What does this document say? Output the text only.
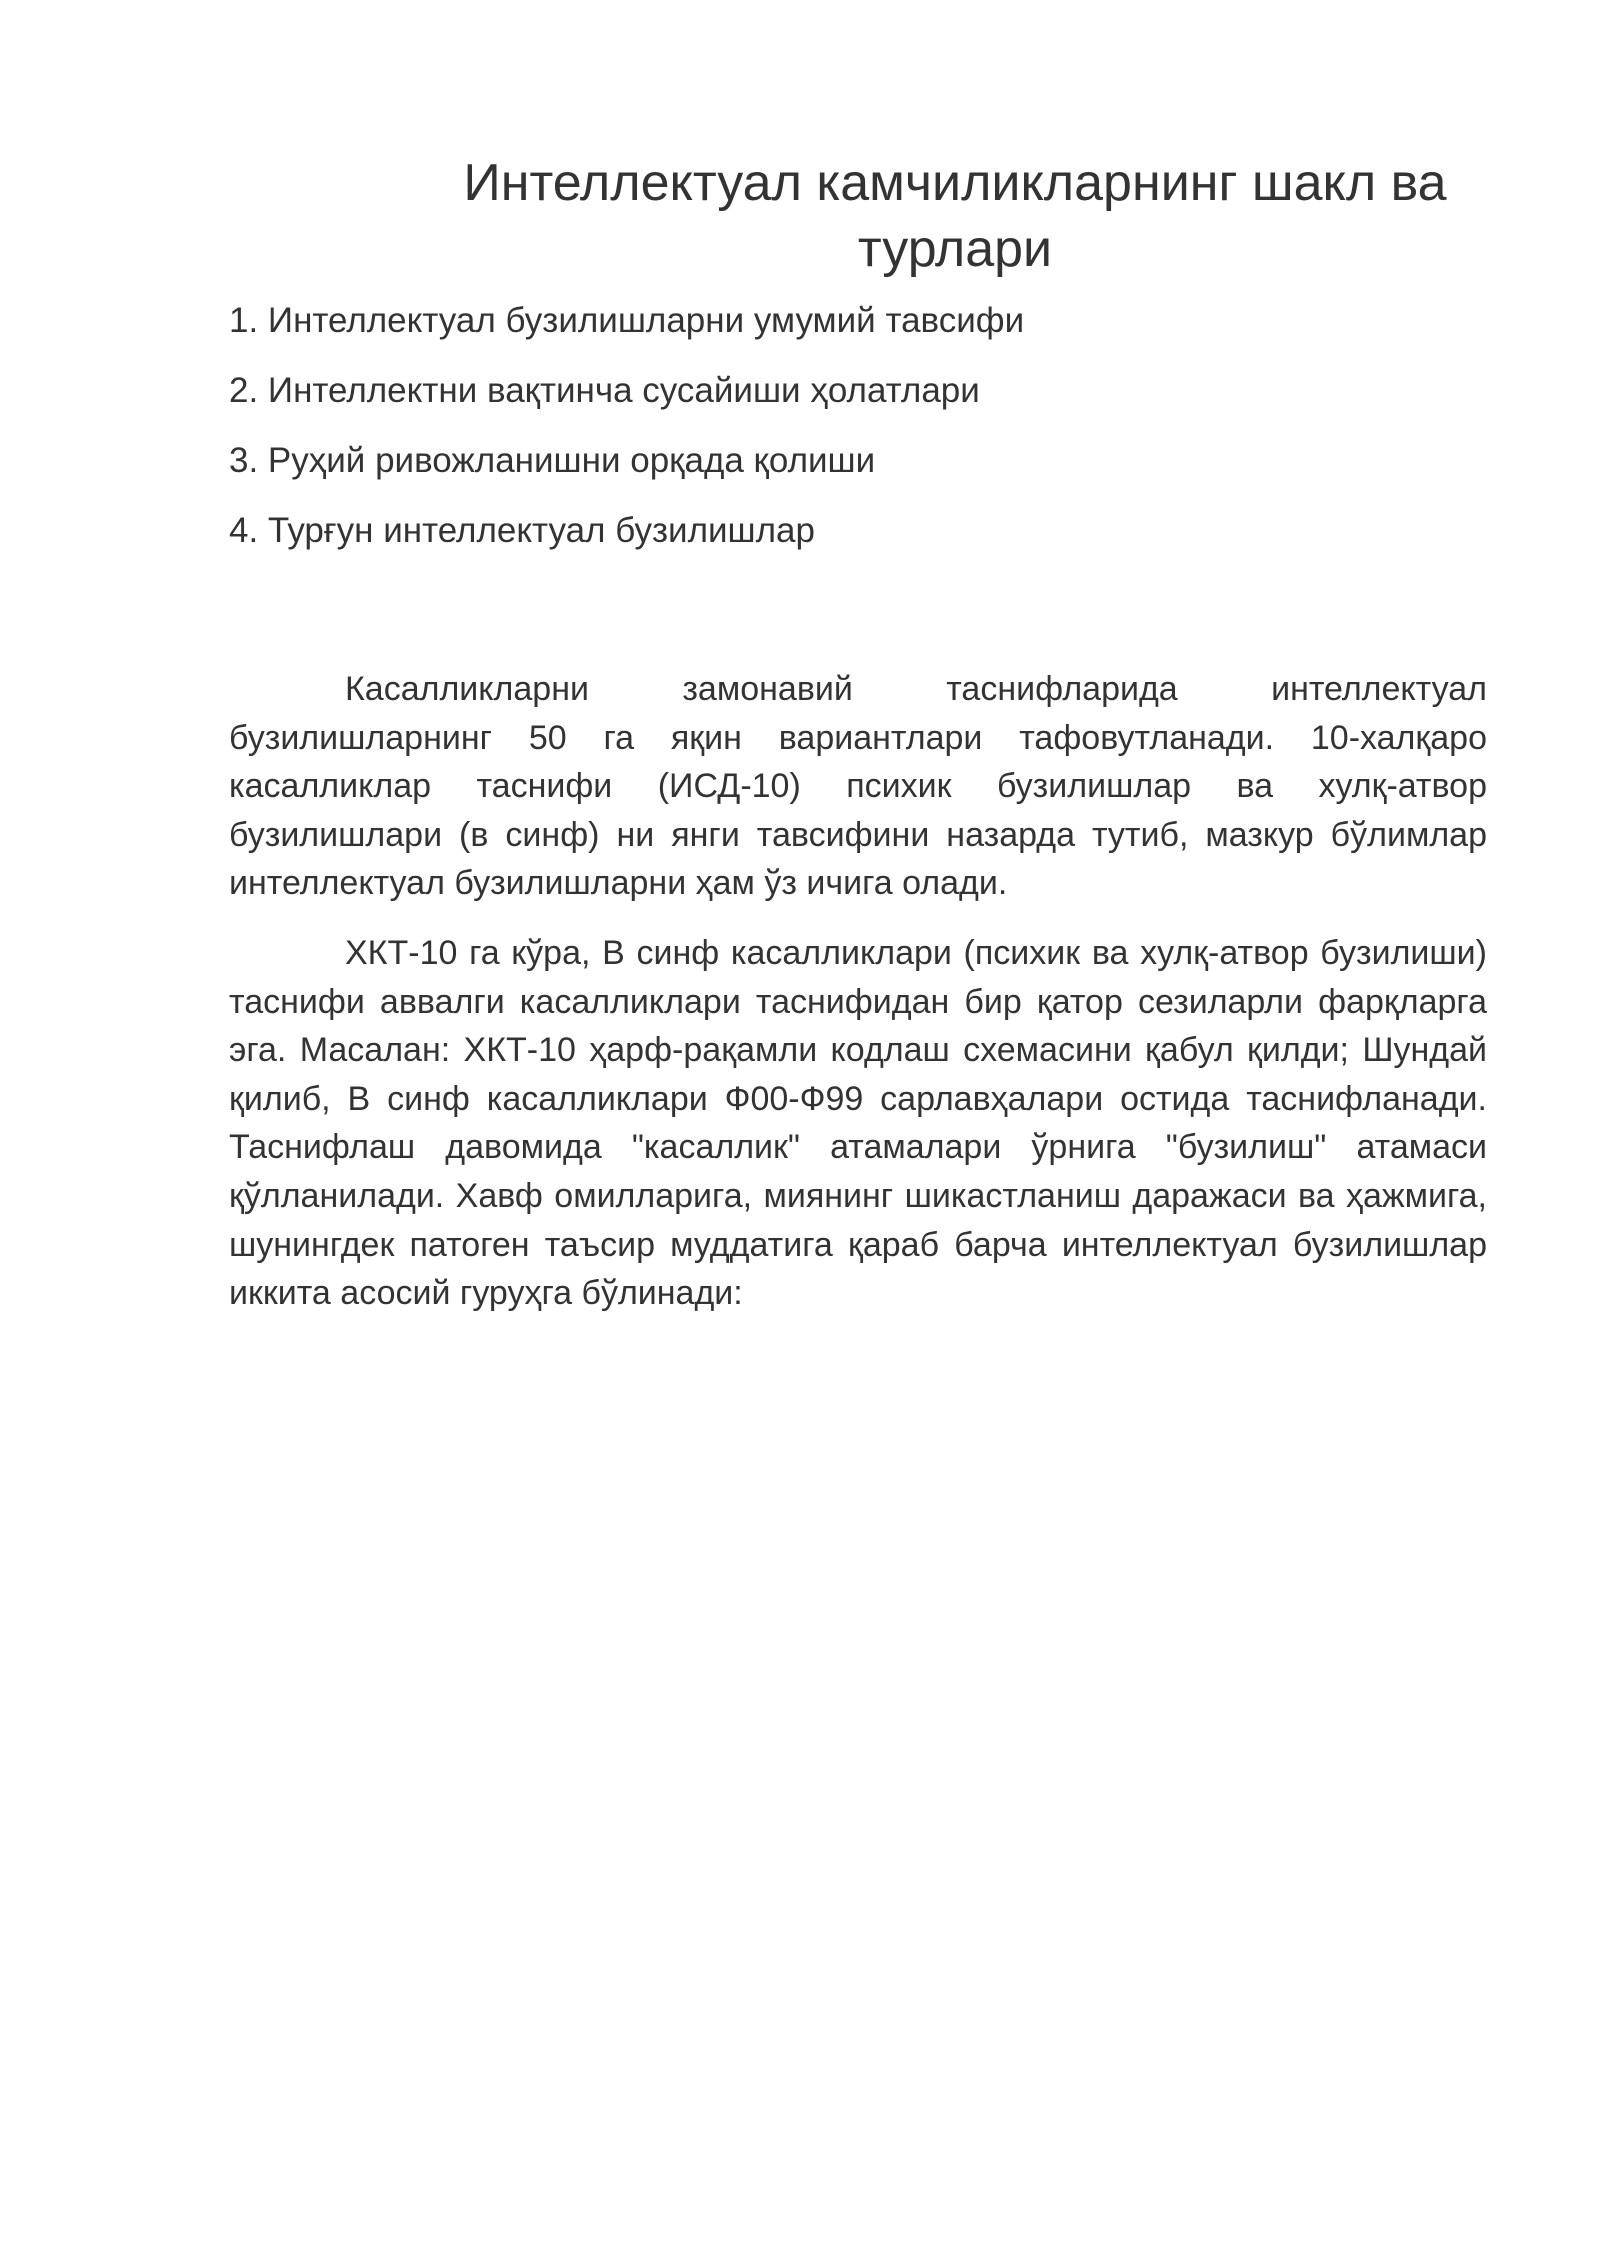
Интеллектуал камчиликларнинг шакл ва турлари
1. Интеллектуал бузилишларни умумий тавсифи
2. Интеллектни вақтинча сусайиши ҳолатлари
3. Руҳий ривожланишни орқада қолиши
4. Турғун интеллектуал бузилишлар

Касалликларни замонавий таснифларида интеллектуал бузилишларнинг 50 га яқин вариантлари тафовутланади. 10-халқаро касалликлар таснифи (ИСД-10) психик бузилишлар ва хулқ-атвор бузилишлари (в синф) ни янги тавсифини назарда тутиб, мазкур бўлимлар интеллектуал бузилишларни ҳам ўз ичига олади.

ХКТ-10 га кўра, В синф касалликлари (психик ва хулқ-атвор бузилиши) таснифи аввалги касалликлари таснифидан бир қатор сезиларли фарқларга эга. Масалан: ХКТ-10 ҳарф-рақамли кодлаш схемасини қабул қилди; Шундай қилиб, В синф касалликлари Ф00-Ф99 сарлавҳалари остида таснифланади. Таснифлаш давомида "касаллик" атамалари ўрнига "бузилиш" атамаси қўлланилади. Хавф омилларига, миянинг шикастланиш даражаси ва ҳажмига, шунингдек патоген таъсир муддатига қараб барча интеллектуал бузилишлар иккита асосий гуруҳга бўлинади:
